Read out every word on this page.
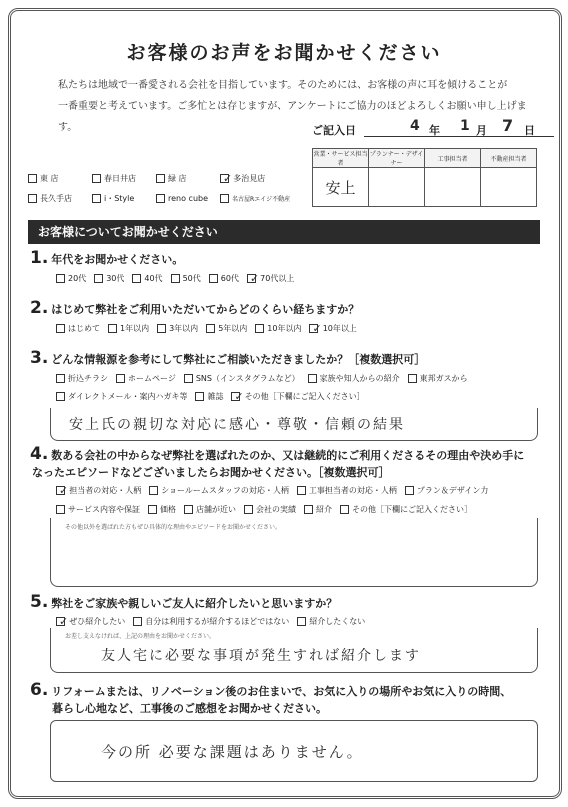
お客様のお声をお聞かせください
私たちは地域で一番愛される会社を目指しています。そのためには、お客様の声に耳を傾けることが
一番重要と考えています。ご多忙とは存じますが、アンケートにご協力のほどよろしくお願い申し上げます。	ご記入日	4 年 1 月 7 日
営業・サービス担当者	プランナー・デザイナー	工事担当者	不動産担当者
安上			
東 店	春日井店	緑 店	✓ 多治見店
長久手店	i・Style	reno cube	名古屋Rエイジ不動産
お客様についてお聞かせください
1. 年代をお聞かせください。
20代	30代	40代	50代	60代 ✓ 70代以上
2. はじめて弊社をご利用いただいてからどのくらい経ちますか？
はじめて	1年以内	3年以内	5年以内	10年以内 ✓ 10年以上
3. どんな情報源を参考にして弊社にご相談いただきましたか？［複数選択可］
折込チラシ	ホームページ	SNS（インスタグラムなど）	家族や知人からの紹介	東邦ガスから
ダイレクトメール・案内ハガキ等	雑誌 ✓ その他［下欄にご記入ください］
安上氏の親切な対応に感心・尊敬・信頼の結果
4. 数ある会社の中からなぜ弊社を選ばれたのか、又は継続的にご利用くださるその理由や決め手に
なったエピソードなどございましたらお聞かせください。［複数選択可］
✓ 担当者の対応・人柄	ショールームスタッフの対応・人柄	工事担当者の対応・人柄	プラン＆デザイン力
サービス内容や保証	価格	店舗が近い	会社の実績	紹介	その他［下欄にご記入ください］
その他以外を選ばれた方もぜひ具体的な理由やエピソードをお聞かせください。
5. 弊社をご家族や親しいご友人に紹介したいと思いますか？
✓ ぜひ紹介したい	自分は利用するが紹介するほどではない	紹介したくない
お差し支えなければ、上記の理由をお聞かせください。
友人宅に必要な事項が発生すれば紹介します
6. リフォームまたは、リノベーション後のお住まいで、お気に入りの場所やお気に入りの時間、
暮らし心地など、工事後のご感想をお聞かせください。
今の所 必要な課題はありません。
